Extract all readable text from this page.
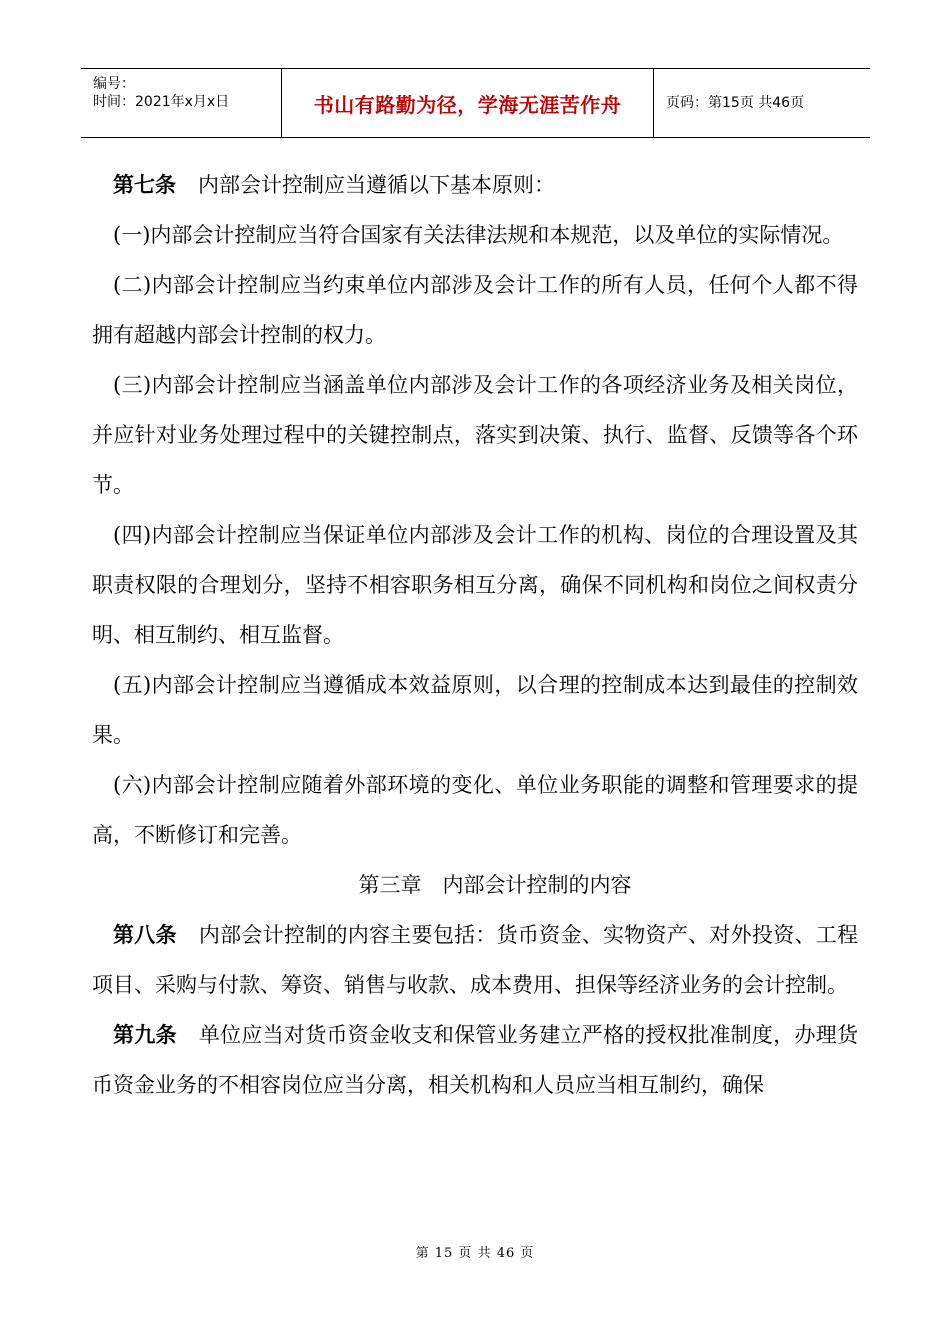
编号：
时间：2021年x月x日	书山有路勤为径，学海无涯苦作舟	页码：第15页 共46页

第七条 内部会计控制应当遵循以下基本原则：

(一)内部会计控制应当符合国家有关法律法规和本规范，以及单位的实际情况。

(二)内部会计控制应当约束单位内部涉及会计工作的所有人员，任何个人都不得拥有超越内部会计控制的权力。

(三)内部会计控制应当涵盖单位内部涉及会计工作的各项经济业务及相关岗位，并应针对业务处理过程中的关键控制点，落实到决策、执行、监督、反馈等各个环节。

(四)内部会计控制应当保证单位内部涉及会计工作的机构、岗位的合理设置及其职责权限的合理划分，坚持不相容职务相互分离，确保不同机构和岗位之间权责分明、相互制约、相互监督。

(五)内部会计控制应当遵循成本效益原则，以合理的控制成本达到最佳的控制效果。

(六)内部会计控制应随着外部环境的变化、单位业务职能的调整和管理要求的提高，不断修订和完善。

第三章　内部会计控制的内容

第八条 内部会计控制的内容主要包括：货币资金、实物资产、对外投资、工程项目、采购与付款、筹资、销售与收款、成本费用、担保等经济业务的会计控制。

第九条 单位应当对货币资金收支和保管业务建立严格的授权批准制度，办理货币资金业务的不相容岗位应当分离，相关机构和人员应当相互制约，确保

第 15 页 共 46 页
